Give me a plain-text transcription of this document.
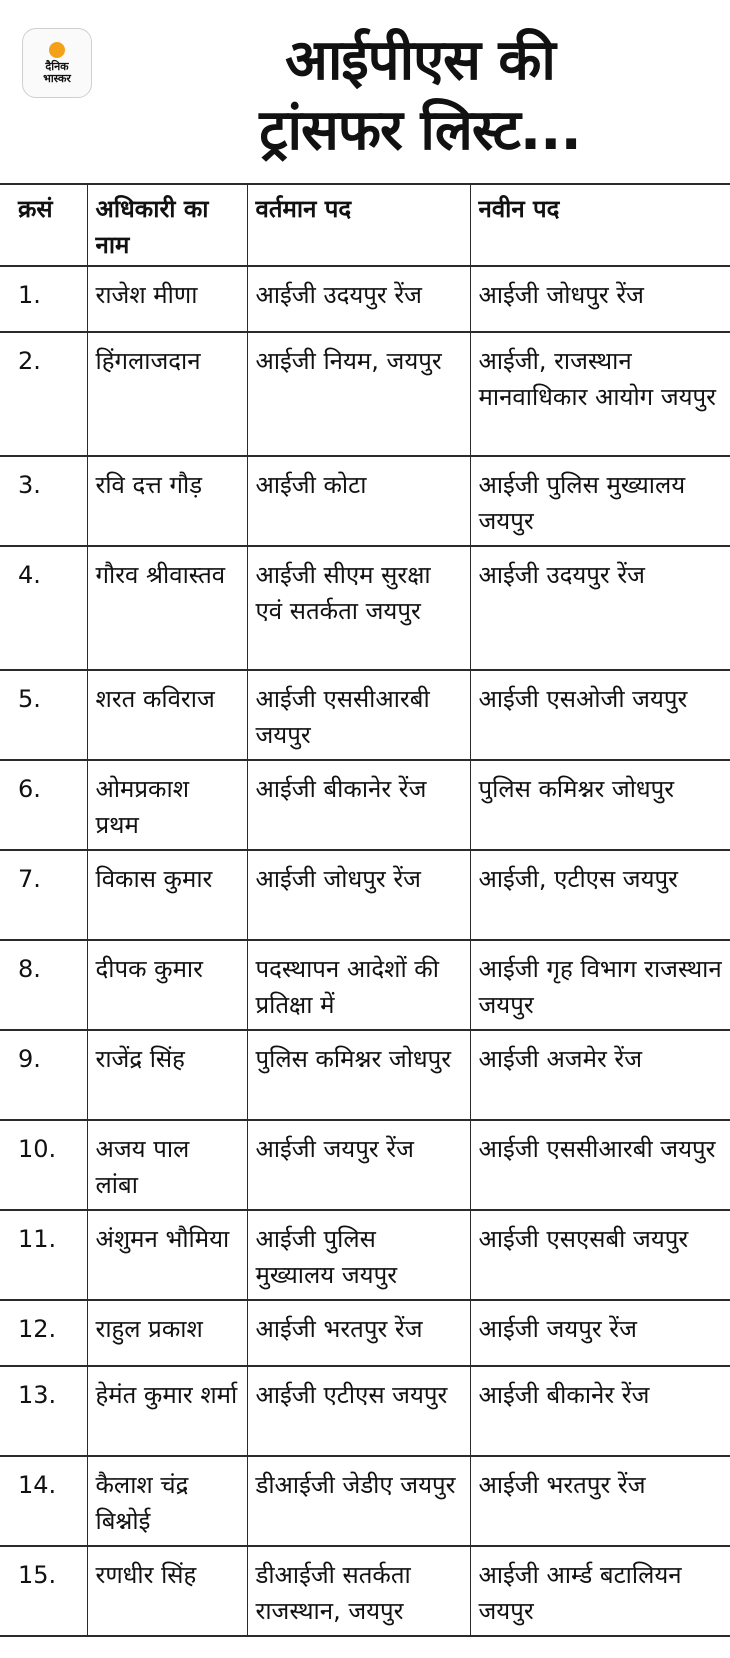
दैनिक
भास्कर	आईपीएस की
ट्रांसफर लिस्ट...
क्रसं	अधिकारी का नाम	वर्तमान पद	नवीन पद
1.	राजेश मीणा	आईजी उदयपुर रेंज	आईजी जोधपुर रेंज
2.	हिंगलाजदान	आईजी नियम, जयपुर	आईजी, राजस्थान मानवाधिकार आयोग जयपुर
3.	रवि दत्त गौड़	आईजी कोटा	आईजी पुलिस मुख्यालय जयपुर
4.	गौरव श्रीवास्तव	आईजी सीएम सुरक्षा एवं सतर्कता जयपुर	आईजी उदयपुर रेंज
5.	शरत कविराज	आईजी एससीआरबी जयपुर	आईजी एसओजी जयपुर
6.	ओमप्रकाश प्रथम	आईजी बीकानेर रेंज	पुलिस कमिश्नर जोधपुर
7.	विकास कुमार	आईजी जोधपुर रेंज	आईजी, एटीएस जयपुर
8.	दीपक कुमार	पदस्थापन आदेशों की प्रतिक्षा में	आईजी गृह विभाग राजस्थान जयपुर
9.	राजेंद्र सिंह	पुलिस कमिश्नर जोधपुर	आईजी अजमेर रेंज
10.	अजय पाल लांबा	आईजी जयपुर रेंज	आईजी एससीआरबी जयपुर
11.	अंशुमन भौमिया	आईजी पुलिस मुख्यालय जयपुर	आईजी एसएसबी जयपुर
12.	राहुल प्रकाश	आईजी भरतपुर रेंज	आईजी जयपुर रेंज
13.	हेमंत कुमार शर्मा	आईजी एटीएस जयपुर	आईजी बीकानेर रेंज
14.	कैलाश चंद्र बिश्नोई	डीआईजी जेडीए जयपुर	आईजी भरतपुर रेंज
15.	रणधीर सिंह	डीआईजी सतर्कता राजस्थान, जयपुर	आईजी आर्म्ड बटालियन जयपुर
